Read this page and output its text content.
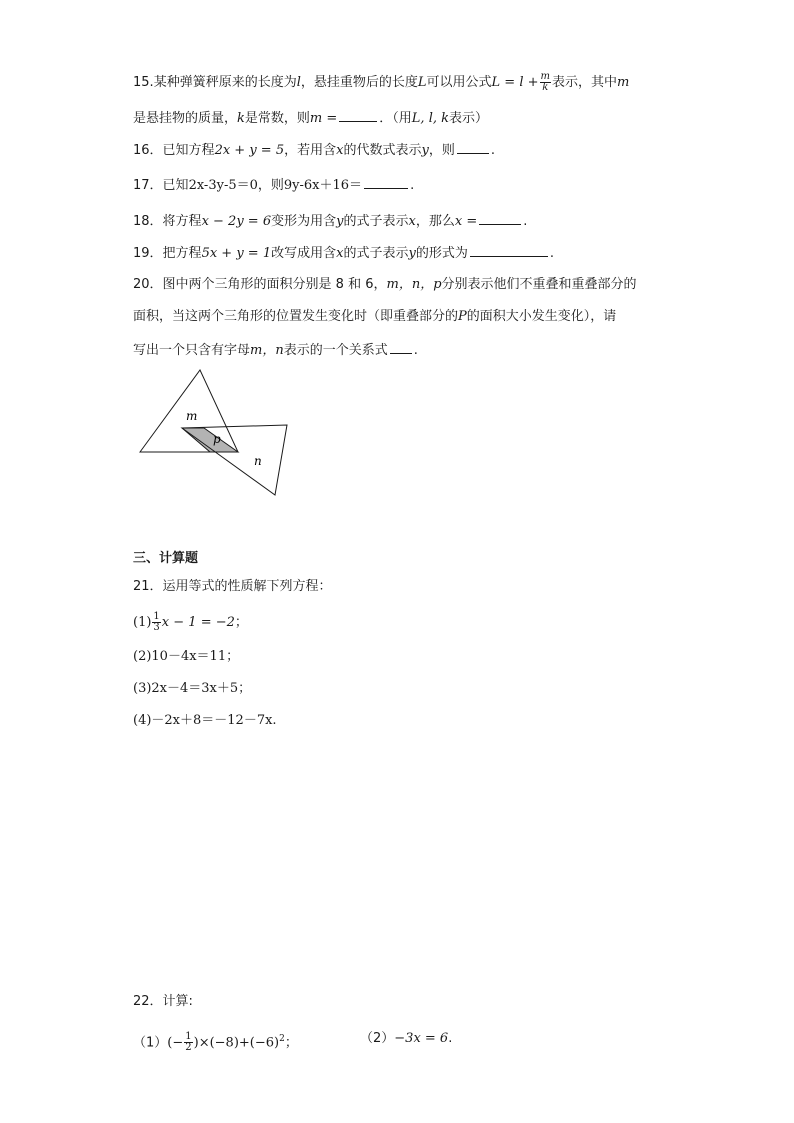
15.某种弹簧秤原来的长度为l，悬挂重物后的长度L可以用公式$L = l + \frac{m}{k}$ 表示，其中m
是悬挂物的质量，k是常数，则m =	．（用L, l, k表示）
16．已知方程2x + y = 5，若用含x的代数式表示y，则	.
17．已知2x-3y-5＝0，则9y-6x＋16＝	.
18．将方程x − 2y = 6变形为用含y的式子表示x，那么x =	.
19．把方程5x + y = 1改写成用含x的式子表示y的形式为	.
20．图中两个三角形的面积分别是 8 和 6，m，n，p分别表示他们不重叠和重叠部分的
面积，当这两个三角形的位置发生变化时（即重叠部分的P的面积大小发生变化），请
写出一个只含有字母m，n表示的一个关系式 .
m
p
n
三、计算题
21．运用等式的性质解下列方程：
$(1) \frac{1}{3}$ x − 1 = −2；
(2)10－4x＝11；
(3)2x－4＝3x＋5；
(4)－2x＋8＝－12－7x.
22．计算:
$(1)(- \frac{1}{2} )\times(-8)+(-6)^2$；	（2）−3x = 6.
